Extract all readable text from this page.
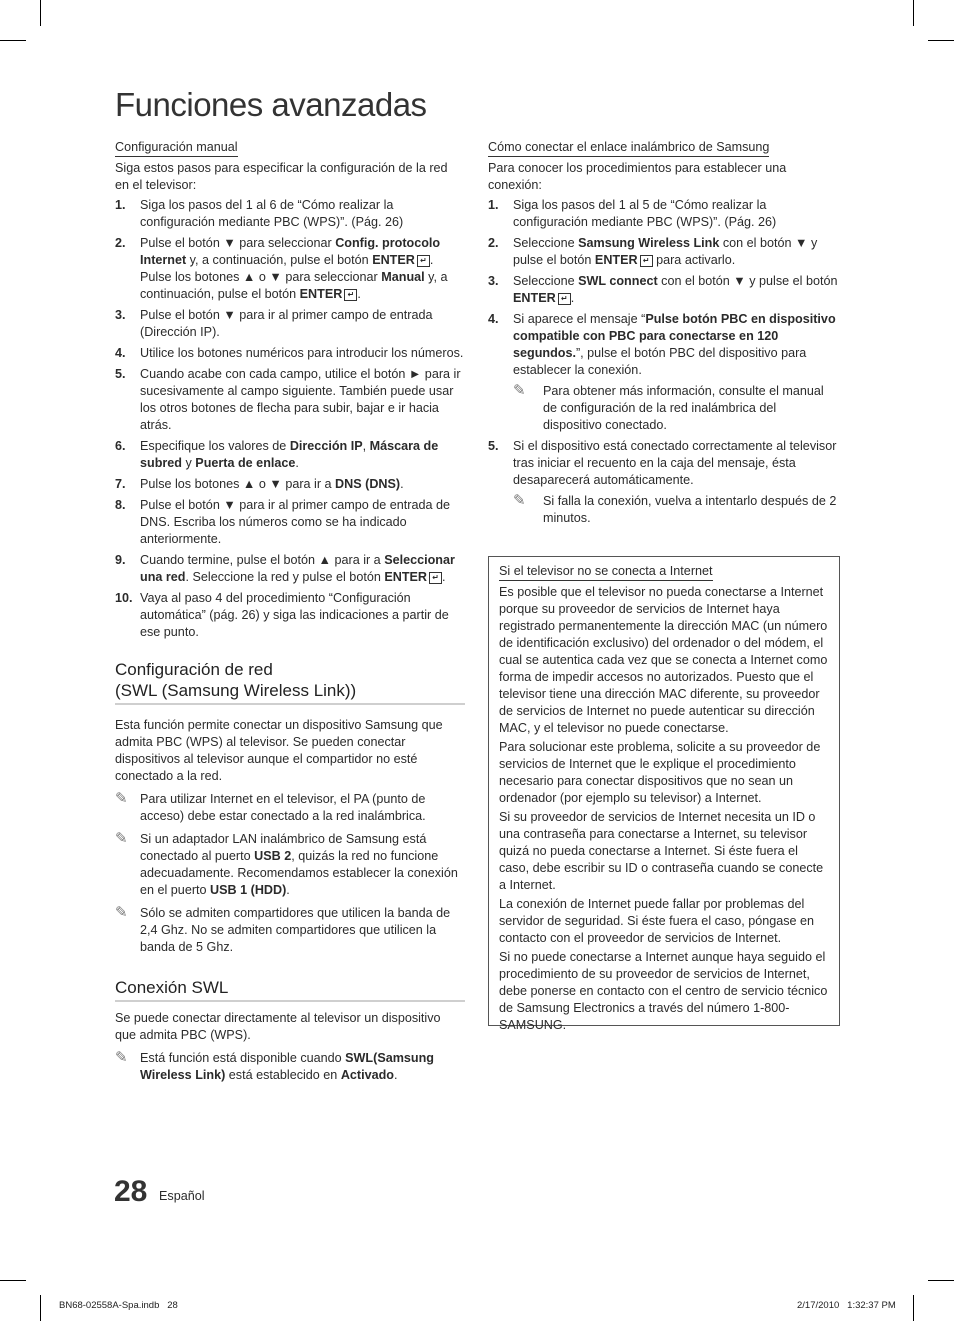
Funciones avanzadas
Configuración manual

Siga estos pasos para especificar la configuración de la red en el televisor:

1. Siga los pasos del 1 al 6 de “Cómo realizar la configuración mediante PBC (WPS)”. (Pág. 26)
2. Pulse el botón ▼ para seleccionar Config. protocolo Internet y, a continuación, pulse el botón ENTER ↵ . Pulse los botones ▲ o ▼ para seleccionar Manual y, a continuación, pulse el botón ENTER ↵ .
3. Pulse el botón ▼ para ir al primer campo de entrada (Dirección IP).
4. Utilice los botones numéricos para introducir los números.
5. Cuando acabe con cada campo, utilice el botón ► para ir sucesivamente al campo siguiente. También puede usar los otros botones de flecha para subir, bajar e ir hacia atrás.
6. Especifique los valores de Dirección IP, Máscara de subred y Puerta de enlace.
7. Pulse los botones ▲ o ▼ para ir a DNS (DNS).
8. Pulse el botón ▼ para ir al primer campo de entrada de DNS. Escriba los números como se ha indicado anteriormente.
9. Cuando termine, pulse el botón ▲ para ir a Seleccionar una red. Seleccione la red y pulse el botón ENTER ↵ .
10. Vaya al paso 4 del procedimiento “Configuración automática” (pág. 26) y siga las indicaciones a partir de ese punto.
Configuración de red
(SWL (Samsung Wireless Link))

Esta función permite conectar un dispositivo Samsung que admita PBC (WPS) al televisor. Se pueden conectar dispositivos al televisor aunque el compartidor no esté conectado a la red.

✎ Para utilizar Internet en el televisor, el PA (punto de acceso) debe estar conectado a la red inalámbrica.
✎ Si un adaptador LAN inalámbrico de Samsung está conectado al puerto USB 2, quizás la red no funcione adecuadamente. Recomendamos establecer la conexión en el puerto USB 1 (HDD).
✎ Sólo se admiten compartidores que utilicen la banda de 2,4 Ghz. No se admiten compartidores que utilicen la banda de 5 Ghz.
Conexión SWL

Se puede conectar directamente al televisor un dispositivo que admita PBC (WPS).

✎ Está función está disponible cuando SWL(Samsung Wireless Link) está establecido en Activado.
Cómo conectar el enlace inalámbrico de Samsung

Para conocer los procedimientos para establecer una conexión:

1. Siga los pasos del 1 al 5 de “Cómo realizar la configuración mediante PBC (WPS)”. (Pág. 26)
2. Seleccione Samsung Wireless Link con el botón ▼ y pulse el botón ENTER ↵ para activarlo.
3. Seleccione SWL connect con el botón ▼ y pulse el botón
ENTER ↵ .
4. Si aparece el mensaje “Pulse botón PBC en dispositivo compatible con PBC para conectarse en 120 segundos.”, pulse el botón PBC del dispositivo para establecer la conexión.
✎ Para obtener más información, consulte el manual de configuración de la red inalámbrica del dispositivo conectado.
5. Si el dispositivo está conectado correctamente al televisor tras iniciar el recuento en la caja del mensaje, ésta desaparecerá automáticamente.
✎ Si falla la conexión, vuelva a intentarlo después de 2 minutos.
Si el televisor no se conecta a Internet

Es posible que el televisor no pueda conectarse a Internet porque su proveedor de servicios de Internet haya registrado permanentemente la dirección MAC (un número de identificación exclusivo) del ordenador o del módem, el cual se autentica cada vez que se conecta a Internet como forma de impedir accesos no autorizados. Puesto que el televisor tiene una dirección MAC diferente, su proveedor de servicios de Internet no puede autenticar su dirección MAC, y el televisor no puede conectarse.

Para solucionar este problema, solicite a su proveedor de servicios de Internet que le explique el procedimiento necesario para conectar dispositivos que no sean un ordenador (por ejemplo su televisor) a Internet.

Si su proveedor de servicios de Internet necesita un ID o una contraseña para conectarse a Internet, su televisor quizá no pueda conectarse a Internet. Si éste fuera el caso, debe escribir su ID o contraseña cuando se conecte a Internet.

La conexión de Internet puede fallar por problemas del servidor de seguridad. Si éste fuera el caso, póngase en contacto con el proveedor de servicios de Internet.

Si no puede conectarse a Internet aunque haya seguido el procedimiento de su proveedor de servicios de Internet, debe ponerse en contacto con el centro de servicio técnico de Samsung Electronics a través del número 1-800-SAMSUNG.

28 Español
BN68-02558A-Spa.indb   28	2/17/2010   1:32:37 PM
